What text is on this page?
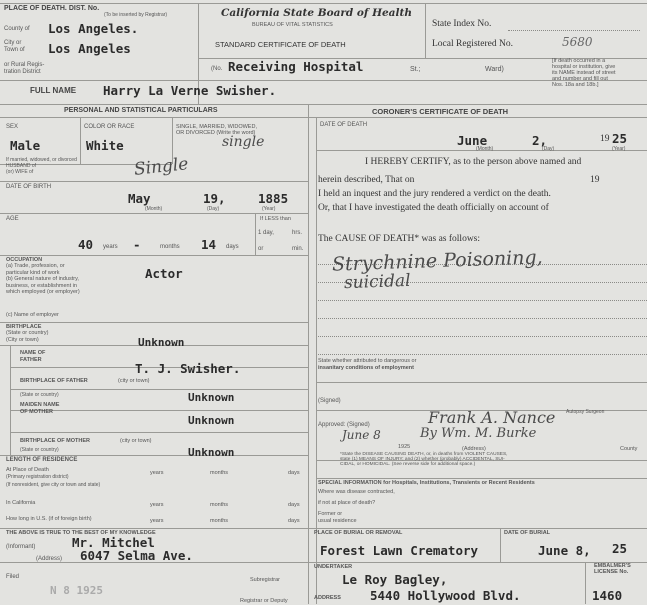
PLACE OF DEATH. DIST. No.
(To be inserted by Registrar)
County of Los Angeles.
City or
Town of Los Angeles
or Rural Regis-
tration District
California State Board of Health
BUREAU OF VITAL STATISTICS
STANDARD CERTIFICATE OF DEATH
State Index No.
Local Registered No.	5680
(No. Receiving Hospital	St.;	Ward)
[If death occurred in a
hospital or institution, give
its NAME instead of street
and number and fill out
Nos. 18a and 18b.]
FULL NAME Harry La Verne Swisher.
PERSONAL AND STATISTICAL PARTICULARS
SEX
Male
COLOR OR RACE
White
SINGLE, MARRIED, WIDOWED,
OR DIVORCED (Write the word)
single
If married, widowed, or divorced
HUSBAND of
(or) WIFE of	Single
DATE OF BIRTH
May	19,	1885
(Month)	(Day)	(Year)
AGE
40 years -	months 14 days
If LESS than
1 day,	hrs.
or	min.
OCCUPATION
(a) Trade, profession, or
particular kind of work
(b) General nature of industry,
business, or establishment in
which employed (or employer)
Actor
(c) Name of employer
BIRTHPLACE
(State or country)
(City or town)	Unknown
NAME OF
FATHER
T. J. Swisher.
BIRTHPLACE OF FATHER	(city or town)
(State or country)	Unknown
MAIDEN NAME
OF MOTHER
Unknown
BIRTHPLACE OF MOTHER	(city or town)
(State or country)	Unknown
LENGTH OF RESIDENCE
At Place of Death
(Primary registration district)
(If nonresident, give city or town and state)
In California
How long in U.S. (if of foreign birth)
years	months	days
years	months	days
years	months	days
THE ABOVE IS TRUE TO THE BEST OF MY KNOWLEDGE
(Informant)	Mr. Mitchel
(Address) 6047 Selma Ave.
Filed
N 8 1925
Subregistrar
Registrar or Deputy
CORONER'S CERTIFICATE OF DEATH
DATE OF DEATH
June	2,	19 25
(Month)	(Day)	(Year)
I HEREBY CERTIFY, as to the person above named and
herein described, That on	19
I held an inquest and the jury rendered a verdict on the death.
Or, that I have investigated the death officially on account of
The CAUSE OF DEATH* was as follows:
Strychnine Poisoning,
suicidal
State whether attributed to dangerous or
insanitary conditions of employment
(Signed)
Autopsy Surgeon
Approved: (Signed)	Frank A. Nance
June 8	By Wm. M. Burke
1925	(Address)	County
*State the DISEASE CAUSING DEATH, or, in deaths from VIOLENT CAUSES,
state (1) MEANS OF INJURY; and (2) whether (probably) ACCIDENTAL, SUI-
CIDAL, or HOMICIDAL. (See reverse side for additional space.)
SPECIAL INFORMATION for Hospitals, Institutions, Transients or Recent Residents
Where was disease contracted,
if not at place of death?
Former or
usual residence
PLACE OF BURIAL OR REMOVAL	DATE OF BURIAL
Forest Lawn Crematory	June 8, 25
UNDERTAKER
Le Roy Bagley,
ADDRESS 5440 Hollywood Blvd.
EMBALMER'S
LICENSE No.
1460
